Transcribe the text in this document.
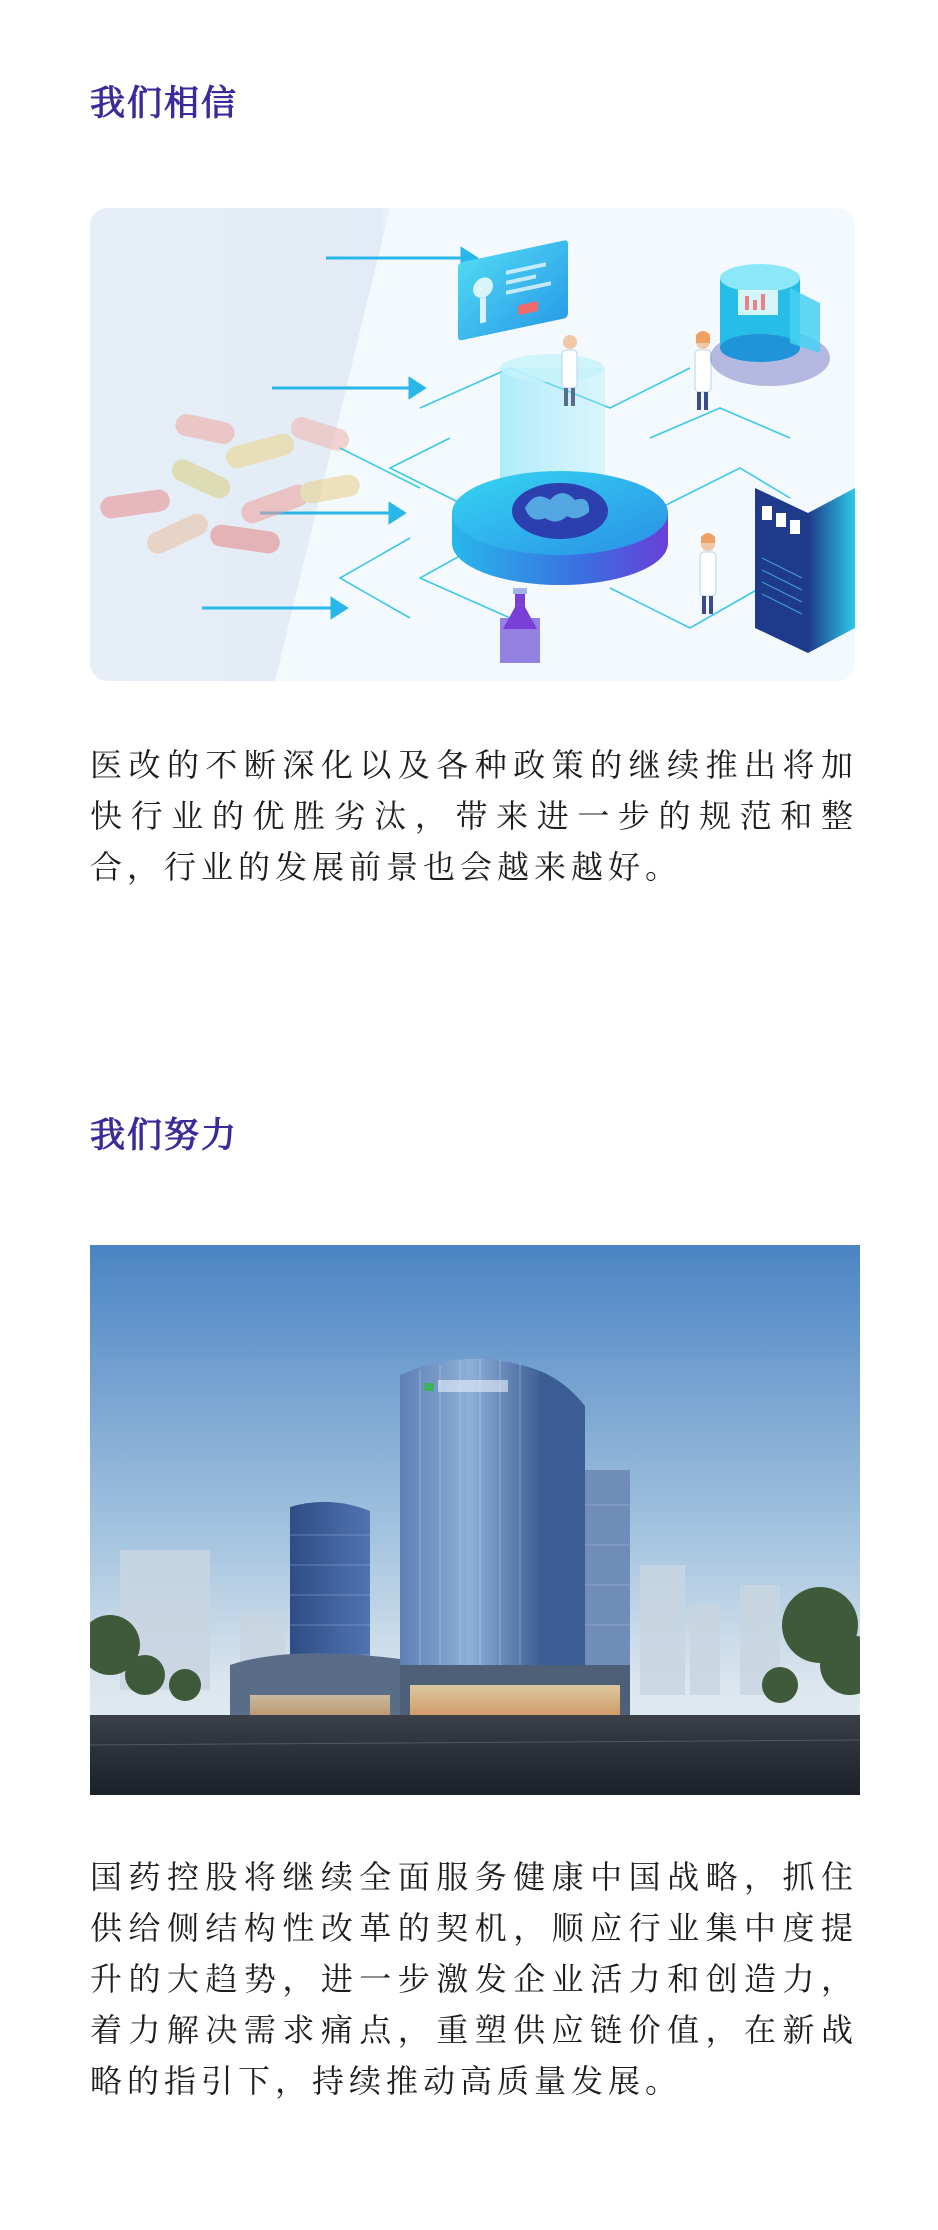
我们相信

医改的不断深化以及各种政策的继续推出将加快行业的优胜劣汰，带来进一步的规范和整合，行业的发展前景也会越来越好。

我们努力

国药控股将继续全面服务健康中国战略，抓住供给侧结构性改革的契机，顺应行业集中度提升的大趋势，进一步激发企业活力和创造力，着力解决需求痛点，重塑供应链价值，在新战略的指引下，持续推动高质量发展。
